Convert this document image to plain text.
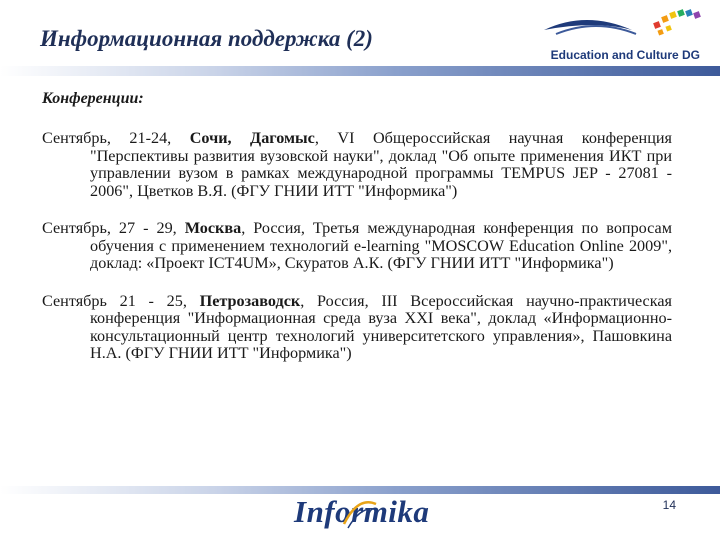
Информационная поддержка (2)
Education and Culture DG
Конференции:

Сентябрь, 21-24, Сочи, Дагомыс, VI Общероссийская научная конференция "Перспективы развития вузовской науки", доклад "Об опыте применения ИКТ при управлении вузом в рамках международной программы TEMPUS JEP - 27081 - 2006", Цветков В.Я. (ФГУ ГНИИ ИТТ "Информика")

Сентябрь, 27 - 29, Москва, Россия, Третья международная конференция по вопросам обучения с применением технологий e-learning "MOSCOW Education Online 2009", доклад: «Проект ICT4UM», Скуратов А.К. (ФГУ ГНИИ ИТТ "Информика")

Сентябрь 21 - 25, Петрозаводск, Россия, III Всероссийская научно-практическая конференция "Информационная среда вуза XXI века", доклад «Информационно-консультационный центр технологий университетского управления», Пашовкина Н.А. (ФГУ ГНИИ ИТТ "Информика")

Informika	14
